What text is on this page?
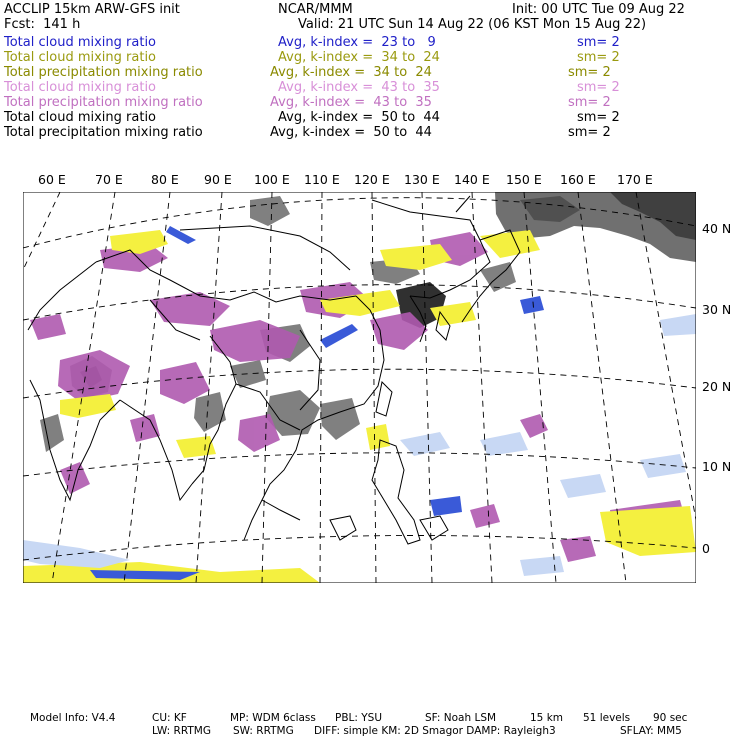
ACCLIP 15km ARW-GFS init	NCAR/MMM	Init: 00 UTC Tue 09 Aug 22
Fcst:  141 h	Valid: 21 UTC Sun 14 Aug 22 (06 KST Mon 15 Aug 22)
Total cloud mixing ratio	Avg, k-index =  23 to   9	sm= 2
Total cloud mixing ratio	Avg, k-index =  34 to  24	sm= 2
Total precipitation mixing ratio	Avg, k-index =  34 to  24	sm= 2
Total cloud mixing ratio	Avg, k-index =  43 to  35	sm= 2
Total precipitation mixing ratio	Avg, k-index =  43 to  35	sm= 2
Total cloud mixing ratio	Avg, k-index =  50 to  44	sm= 2
Total precipitation mixing ratio	Avg, k-index =  50 to  44	sm= 2
60 E 70 E 80 E 90 E 100 E 110 E 120 E 130 E 140 E 150 E 160 E 170 E
40 N
30 N
20 N
10 N
0
Model Info: V4.4	CU: KF	MP: WDM 6class PBL: YSU	SF: Noah LSM	15 km 51 levels 90 sec
LW: RRTMG SW: RRTMG DIFF: simple KM: 2D Smagor DAMP: Rayleigh3	SFLAY: MM5
